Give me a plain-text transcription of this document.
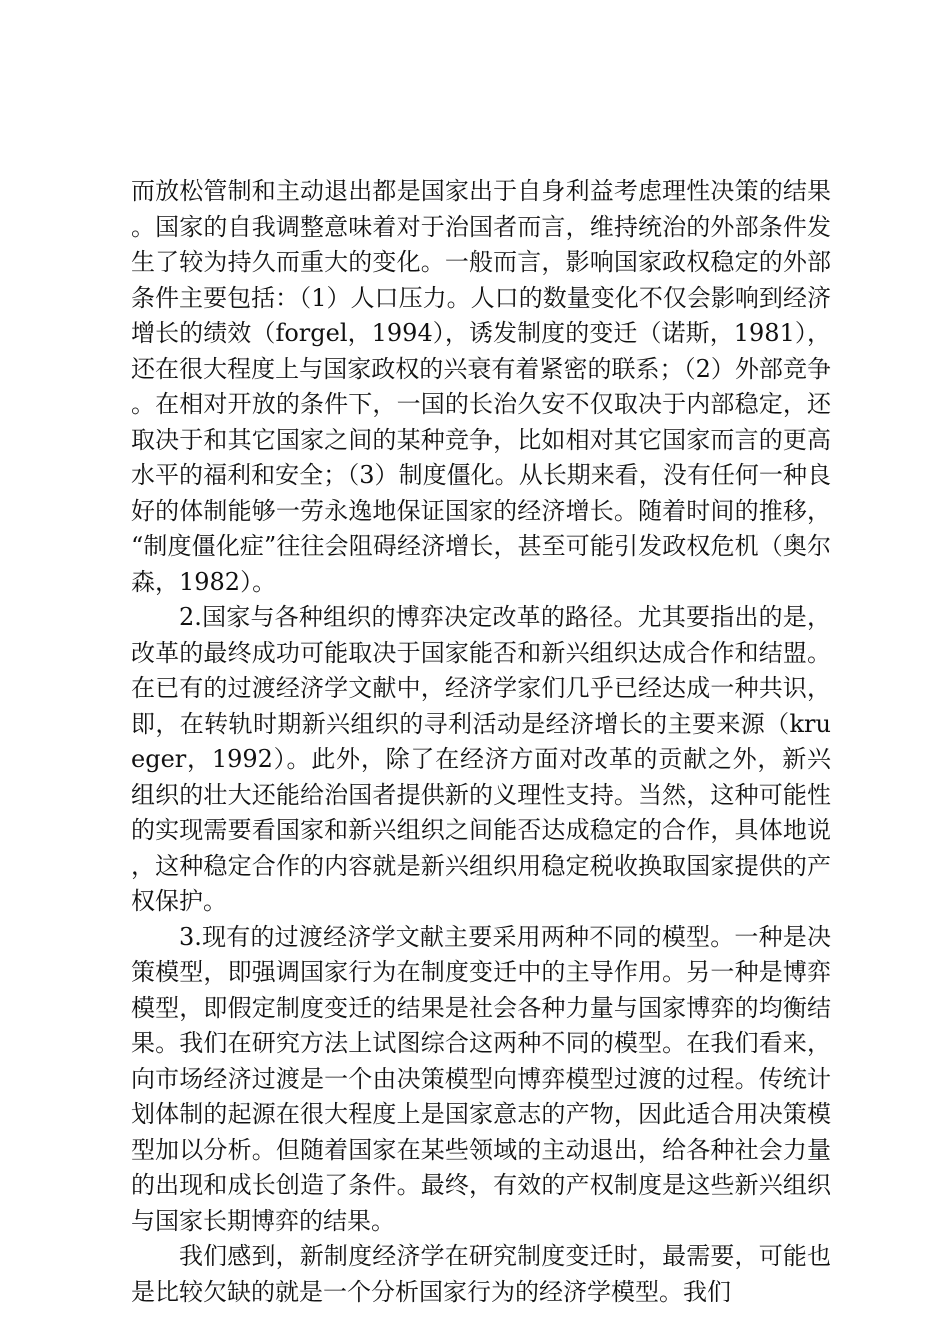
而放松管制和主动退出都是国家出于自身利益考虑理性决策的结果。国家的自我调整意味着对于治国者而言，维持统治的外部条件发生了较为持久而重大的变化。一般而言，影响国家政权稳定的外部条件主要包括：（1）人口压力。人口的数量变化不仅会影响到经济增长的绩效（forgel，1994），诱发制度的变迁（诺斯，1981），还在很大程度上与国家政权的兴衰有着紧密的联系；（2）外部竞争。在相对开放的条件下，一国的长治久安不仅取决于内部稳定，还取决于和其它国家之间的某种竞争，比如相对其它国家而言的更高水平的福利和安全；（3）制度僵化。从长期来看，没有任何一种良好的体制能够一劳永逸地保证国家的经济增长。随着时间的推移，“制度僵化症”往往会阻碍经济增长，甚至可能引发政权危机（奥尔森，1982）。

2.国家与各种组织的博弈决定改革的路径。尤其要指出的是，改革的最终成功可能取决于国家能否和新兴组织达成合作和结盟。在已有的过渡经济学文献中，经济学家们几乎已经达成一种共识，即，在转轨时期新兴组织的寻利活动是经济增长的主要来源（krueger，1992）。此外，除了在经济方面对改革的贡献之外，新兴组织的壮大还能给治国者提供新的义理性支持。当然，这种可能性的实现需要看国家和新兴组织之间能否达成稳定的合作，具体地说，这种稳定合作的内容就是新兴组织用稳定税收换取国家提供的产权保护。

3.现有的过渡经济学文献主要采用两种不同的模型。一种是决策模型，即强调国家行为在制度变迁中的主导作用。另一种是博弈模型，即假定制度变迁的结果是社会各种力量与国家博弈的均衡结果。我们在研究方法上试图综合这两种不同的模型。在我们看来，向市场经济过渡是一个由决策模型向博弈模型过渡的过程。传统计划体制的起源在很大程度上是国家意志的产物，因此适合用决策模型加以分析。但随着国家在某些领域的主动退出，给各种社会力量的出现和成长创造了条件。最终，有效的产权制度是这些新兴组织与国家长期博弈的结果。

我们感到，新制度经济学在研究制度变迁时，最需要，可能也是比较欠缺的就是一个分析国家行为的经济学模型。我们
